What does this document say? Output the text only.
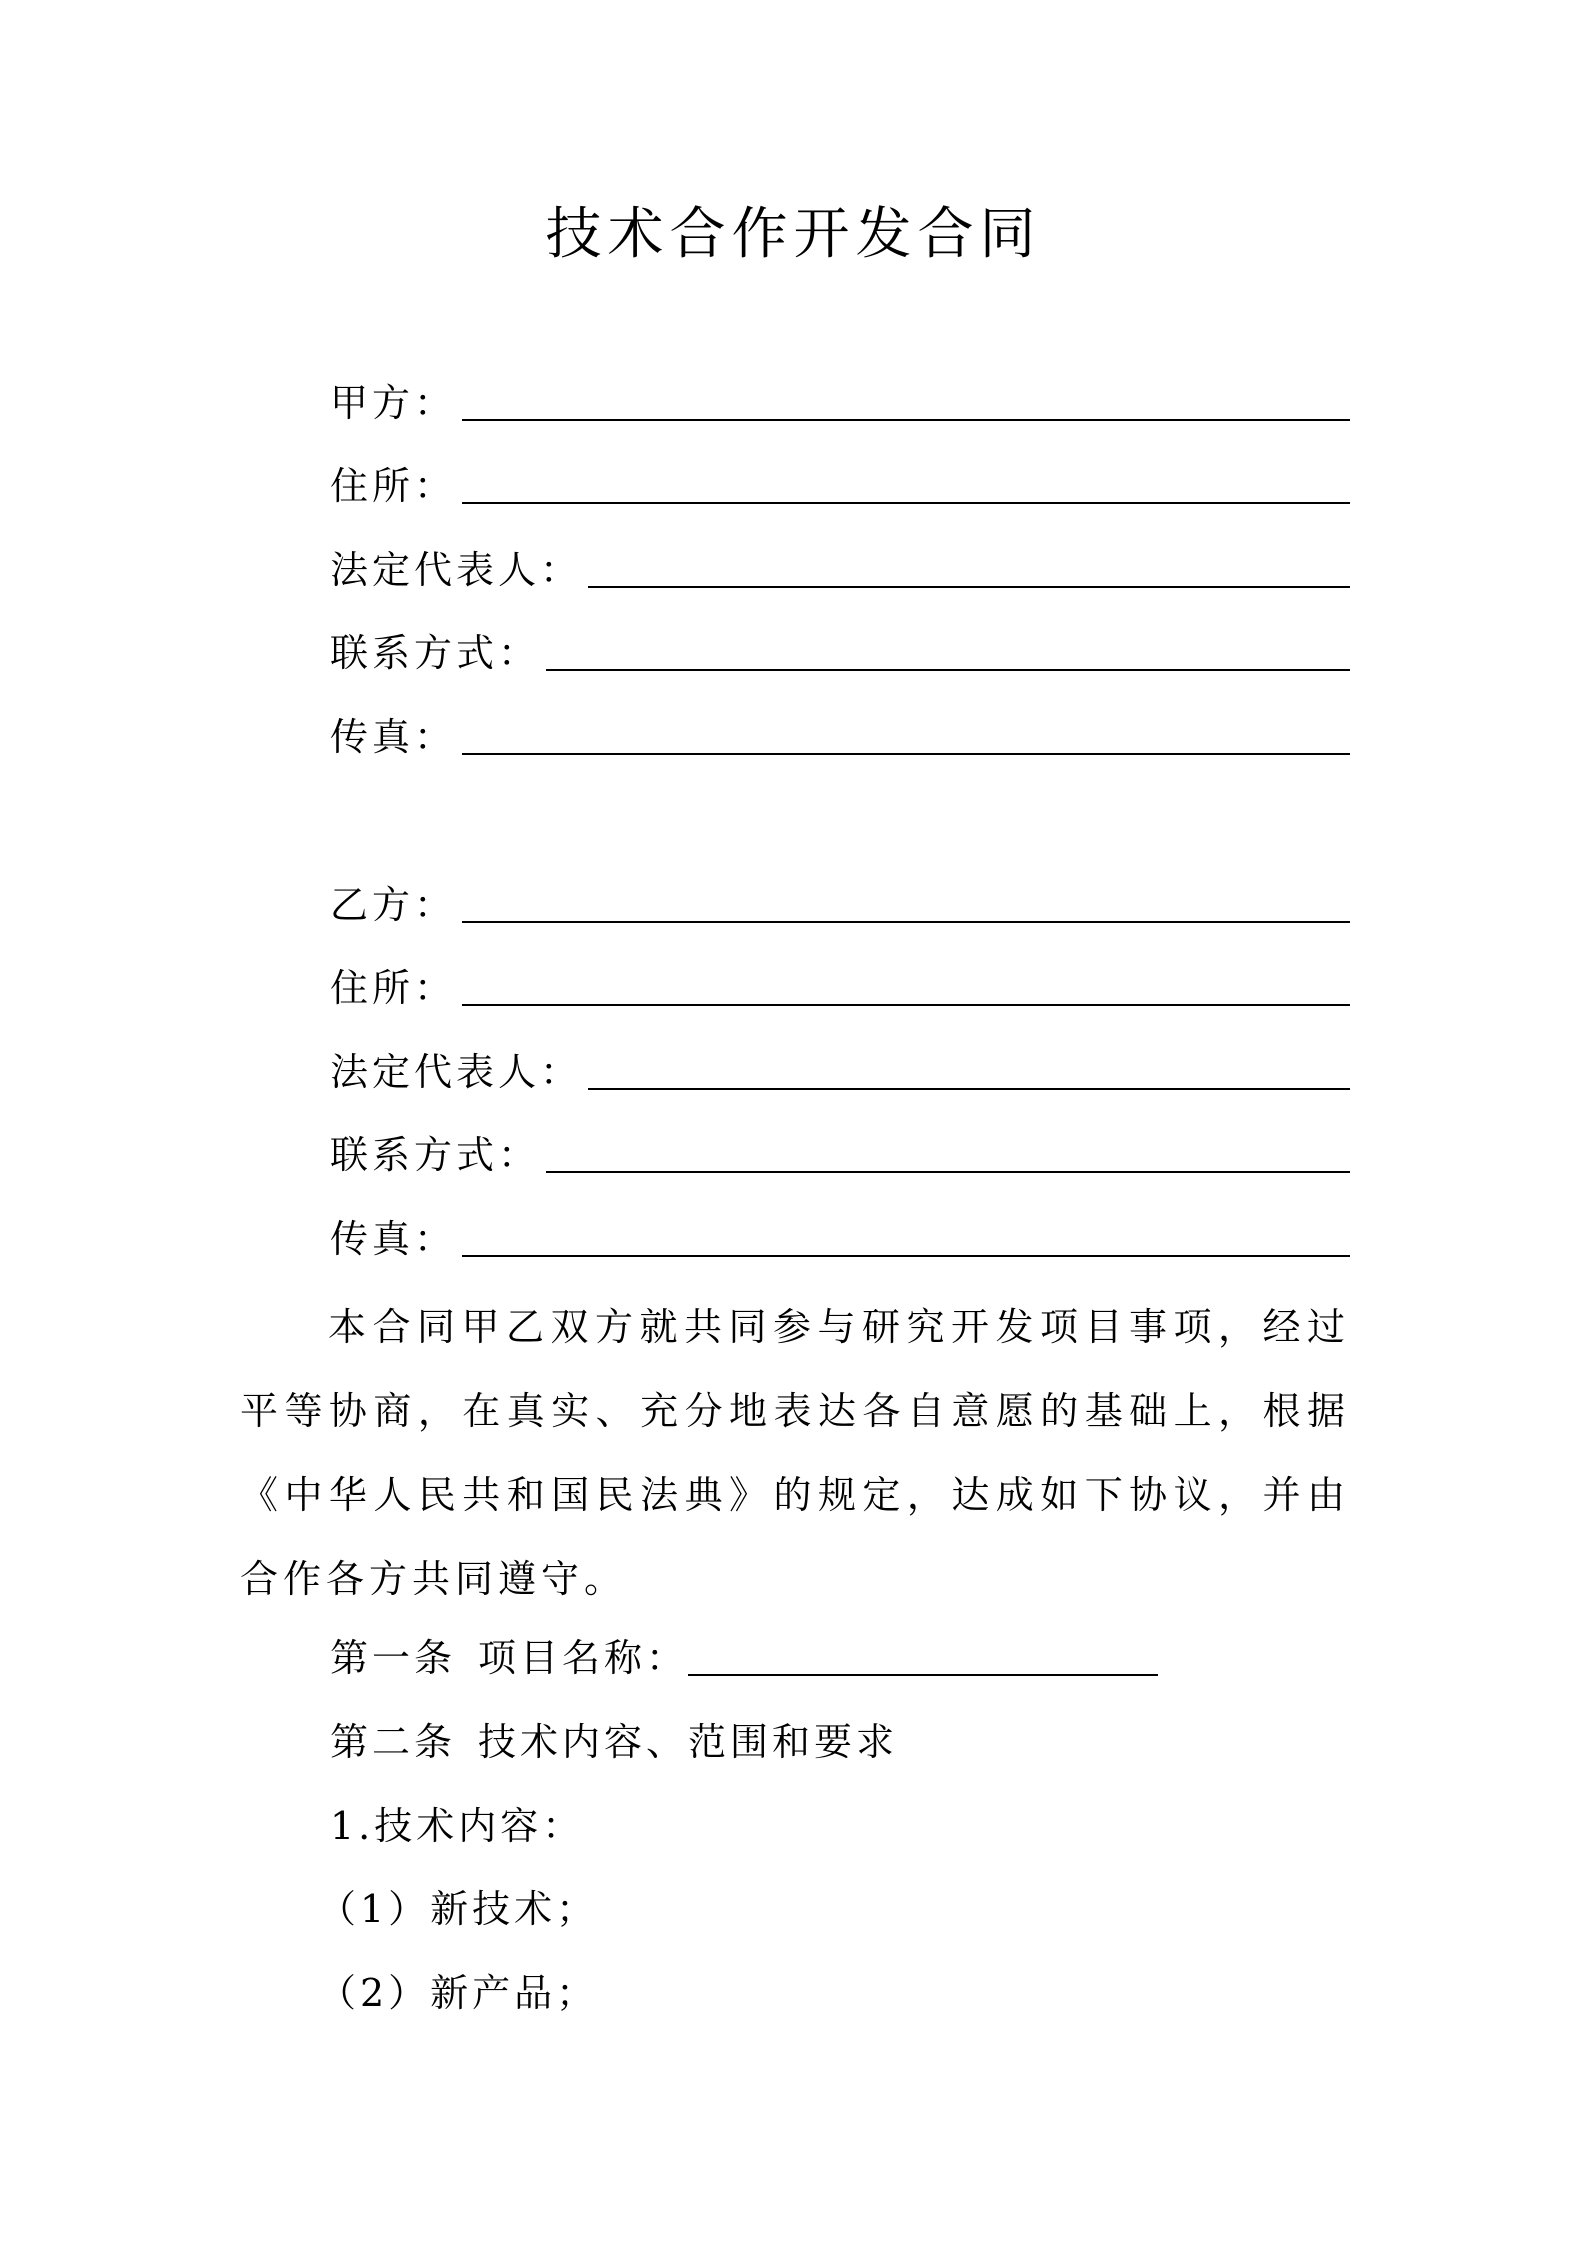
技术合作开发合同
甲方 ：
住所 ：
法定代表人 ：
联系方式 ：
传真 ：
乙方 ：
住所 ：
法定代表人 ：
联系方式 ：
传真 ：

本合同甲乙双方就共同参与研究开发项目事项，经过平等协商，在真实、充分地表达各自意愿的基础上，根据《中华人民共和国民法典》的规定，达成如下协议，并由合作各方共同遵守。

第一条 项目名称：
第二条 技术内容、范围和要求
1.技术内容：
（1）新技术；
（2）新产品；
